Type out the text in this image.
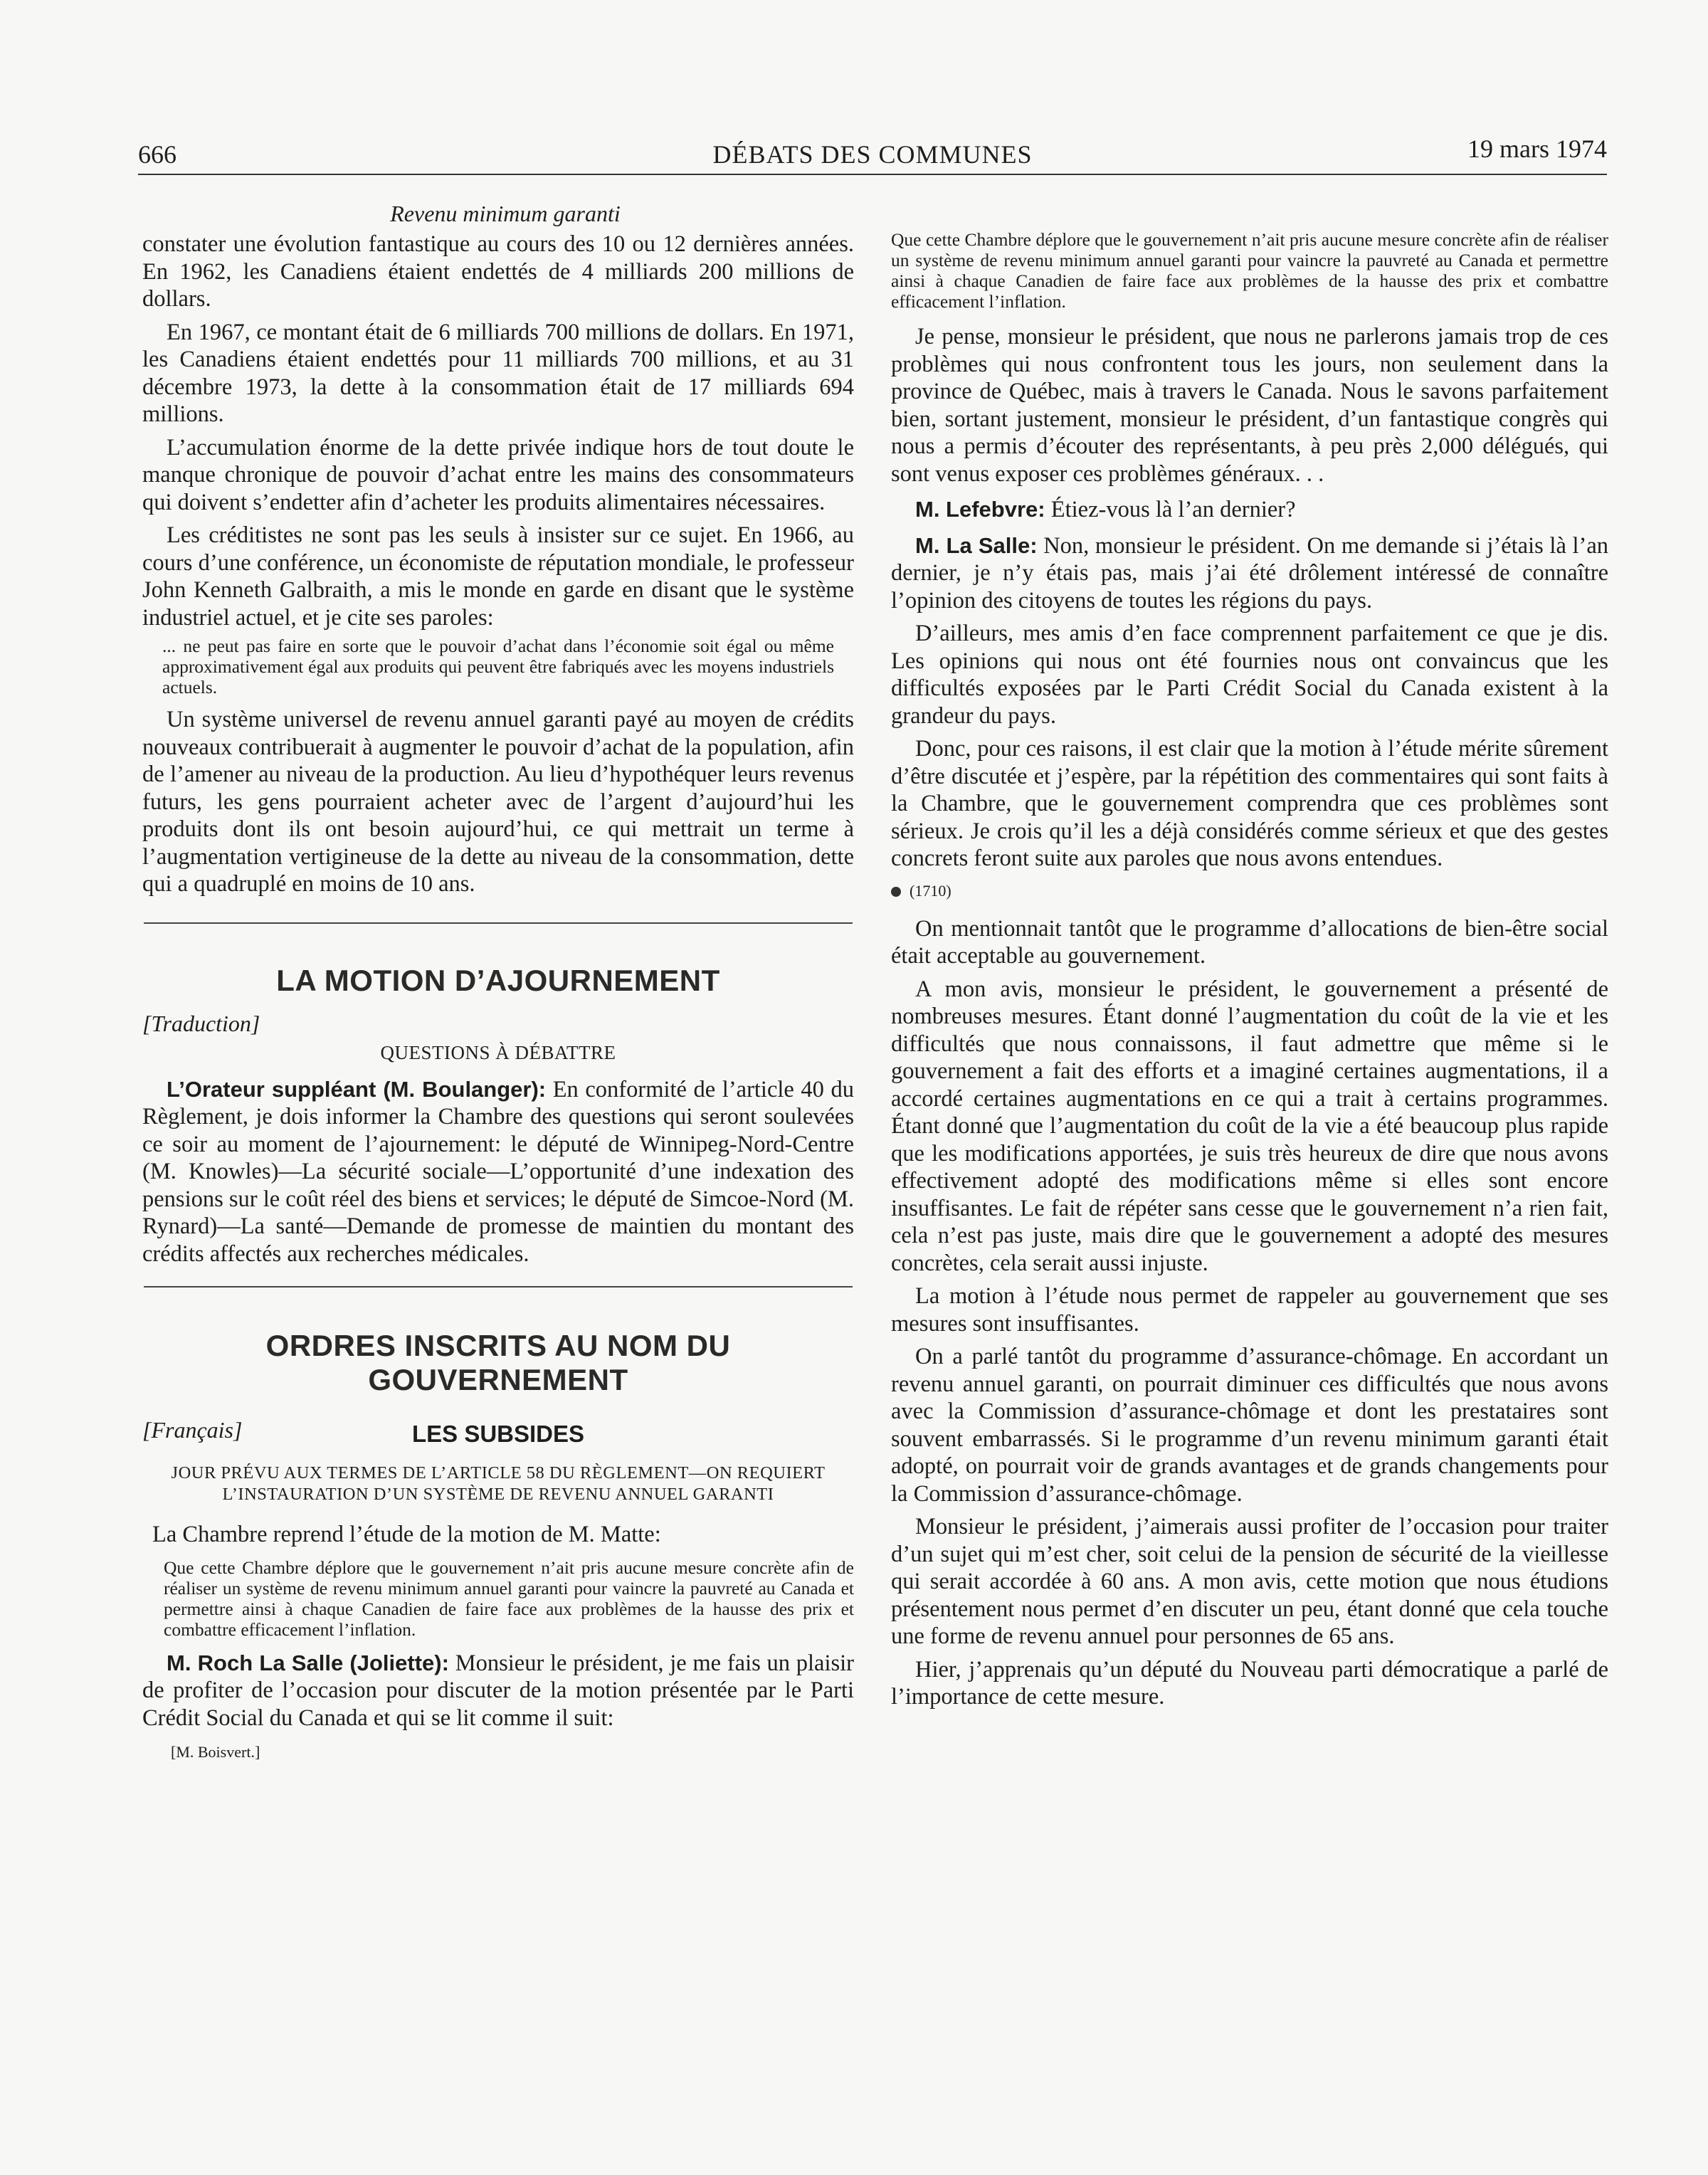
666	DÉBATS DES COMMUNES	19 mars 1974
Revenu minimum garanti

constater une évolution fantastique au cours des 10 ou 12 dernières années. En 1962, les Canadiens étaient endettés de 4 milliards 200 millions de dollars.

En 1967, ce montant était de 6 milliards 700 millions de dollars. En 1971, les Canadiens étaient endettés pour 11 milliards 700 millions, et au 31 décembre 1973, la dette à la consommation était de 17 milliards 694 millions.

L’accumulation énorme de la dette privée indique hors de tout doute le manque chronique de pouvoir d’achat entre les mains des consommateurs qui doivent s’endetter afin d’acheter les produits alimentaires nécessaires.

Les créditistes ne sont pas les seuls à insister sur ce sujet. En 1966, au cours d’une conférence, un économiste de réputation mondiale, le professeur John Kenneth Galbraith, a mis le monde en garde en disant que le système industriel actuel, et je cite ses paroles:

... ne peut pas faire en sorte que le pouvoir d’achat dans l’économie soit égal ou même approximativement égal aux produits qui peuvent être fabriqués avec les moyens industriels actuels.

Un système universel de revenu annuel garanti payé au moyen de crédits nouveaux contribuerait à augmenter le pouvoir d’achat de la population, afin de l’amener au niveau de la production. Au lieu d’hypothéquer leurs revenus futurs, les gens pourraient acheter avec de l’argent d’aujourd’hui les produits dont ils ont besoin aujourd’hui, ce qui mettrait un terme à l’augmentation vertigineuse de la dette au niveau de la consommation, dette qui a quadruplé en moins de 10 ans.

LA MOTION D’AJOURNEMENT
[Traduction]
QUESTIONS À DÉBATTRE

L’Orateur suppléant (M. Boulanger): En conformité de l’article 40 du Règlement, je dois informer la Chambre des questions qui seront soulevées ce soir au moment de l’ajournement: le député de Winnipeg-Nord-Centre (M. Knowles)—La sécurité sociale—L’opportunité d’une indexation des pensions sur le coût réel des biens et services; le député de Simcoe-Nord (M. Rynard)—La santé—Demande de promesse de maintien du montant des crédits affectés aux recherches médicales.

ORDRES INSCRITS AU NOM DU GOUVERNEMENT
[Français]	LES SUBSIDES
JOUR PRÉVU AUX TERMES DE L’ARTICLE 58 DU RÈGLEMENT—ON REQUIERT L’INSTAURATION D’UN SYSTÈME DE REVENU ANNUEL GARANTI

La Chambre reprend l’étude de la motion de M. Matte:

Que cette Chambre déplore que le gouvernement n’ait pris aucune mesure concrète afin de réaliser un système de revenu minimum annuel garanti pour vaincre la pauvreté au Canada et permettre ainsi à chaque Canadien de faire face aux problèmes de la hausse des prix et combattre efficacement l’inflation.

M. Roch La Salle (Joliette): Monsieur le président, je me fais un plaisir de profiter de l’occasion pour discuter de la motion présentée par le Parti Crédit Social du Canada et qui se lit comme il suit:

[M. Boisvert.]

Que cette Chambre déplore que le gouvernement n’ait pris aucune mesure concrète afin de réaliser un système de revenu minimum annuel garanti pour vaincre la pauvreté au Canada et permettre ainsi à chaque Canadien de faire face aux problèmes de la hausse des prix et combattre efficacement l’inflation.

Je pense, monsieur le président, que nous ne parlerons jamais trop de ces problèmes qui nous confrontent tous les jours, non seulement dans la province de Québec, mais à travers le Canada. Nous le savons parfaitement bien, sortant justement, monsieur le président, d’un fantastique congrès qui nous a permis d’écouter des représentants, à peu près 2,000 délégués, qui sont venus exposer ces problèmes généraux. . .

M. Lefebvre: Étiez-vous là l’an dernier?

M. La Salle: Non, monsieur le président. On me demande si j’étais là l’an dernier, je n’y étais pas, mais j’ai été drôlement intéressé de connaître l’opinion des citoyens de toutes les régions du pays.

D’ailleurs, mes amis d’en face comprennent parfaitement ce que je dis. Les opinions qui nous ont été fournies nous ont convaincus que les difficultés exposées par le Parti Crédit Social du Canada existent à la grandeur du pays.

Donc, pour ces raisons, il est clair que la motion à l’étude mérite sûrement d’être discutée et j’espère, par la répétition des commentaires qui sont faits à la Chambre, que le gouvernement comprendra que ces problèmes sont sérieux. Je crois qu’il les a déjà considérés comme sérieux et que des gestes concrets feront suite aux paroles que nous avons entendues.

(1710)

On mentionnait tantôt que le programme d’allocations de bien-être social était acceptable au gouvernement.

A mon avis, monsieur le président, le gouvernement a présenté de nombreuses mesures. Étant donné l’augmentation du coût de la vie et les difficultés que nous connaissons, il faut admettre que même si le gouvernement a fait des efforts et a imaginé certaines augmentations, il a accordé certaines augmentations en ce qui a trait à certains programmes. Étant donné que l’augmentation du coût de la vie a été beaucoup plus rapide que les modifications apportées, je suis très heureux de dire que nous avons effectivement adopté des modifications même si elles sont encore insuffisantes. Le fait de répéter sans cesse que le gouvernement n’a rien fait, cela n’est pas juste, mais dire que le gouvernement a adopté des mesures concrètes, cela serait aussi injuste.

La motion à l’étude nous permet de rappeler au gouvernement que ses mesures sont insuffisantes.

On a parlé tantôt du programme d’assurance-chômage. En accordant un revenu annuel garanti, on pourrait diminuer ces difficultés que nous avons avec la Commission d’assurance-chômage et dont les prestataires sont souvent embarrassés. Si le programme d’un revenu minimum garanti était adopté, on pourrait voir de grands avantages et de grands changements pour la Commission d’assurance-chômage.

Monsieur le président, j’aimerais aussi profiter de l’occasion pour traiter d’un sujet qui m’est cher, soit celui de la pension de sécurité de la vieillesse qui serait accordée à 60 ans. A mon avis, cette motion que nous étudions présentement nous permet d’en discuter un peu, étant donné que cela touche une forme de revenu annuel pour personnes de 65 ans.

Hier, j’apprenais qu’un député du Nouveau parti démocratique a parlé de l’importance de cette mesure.
